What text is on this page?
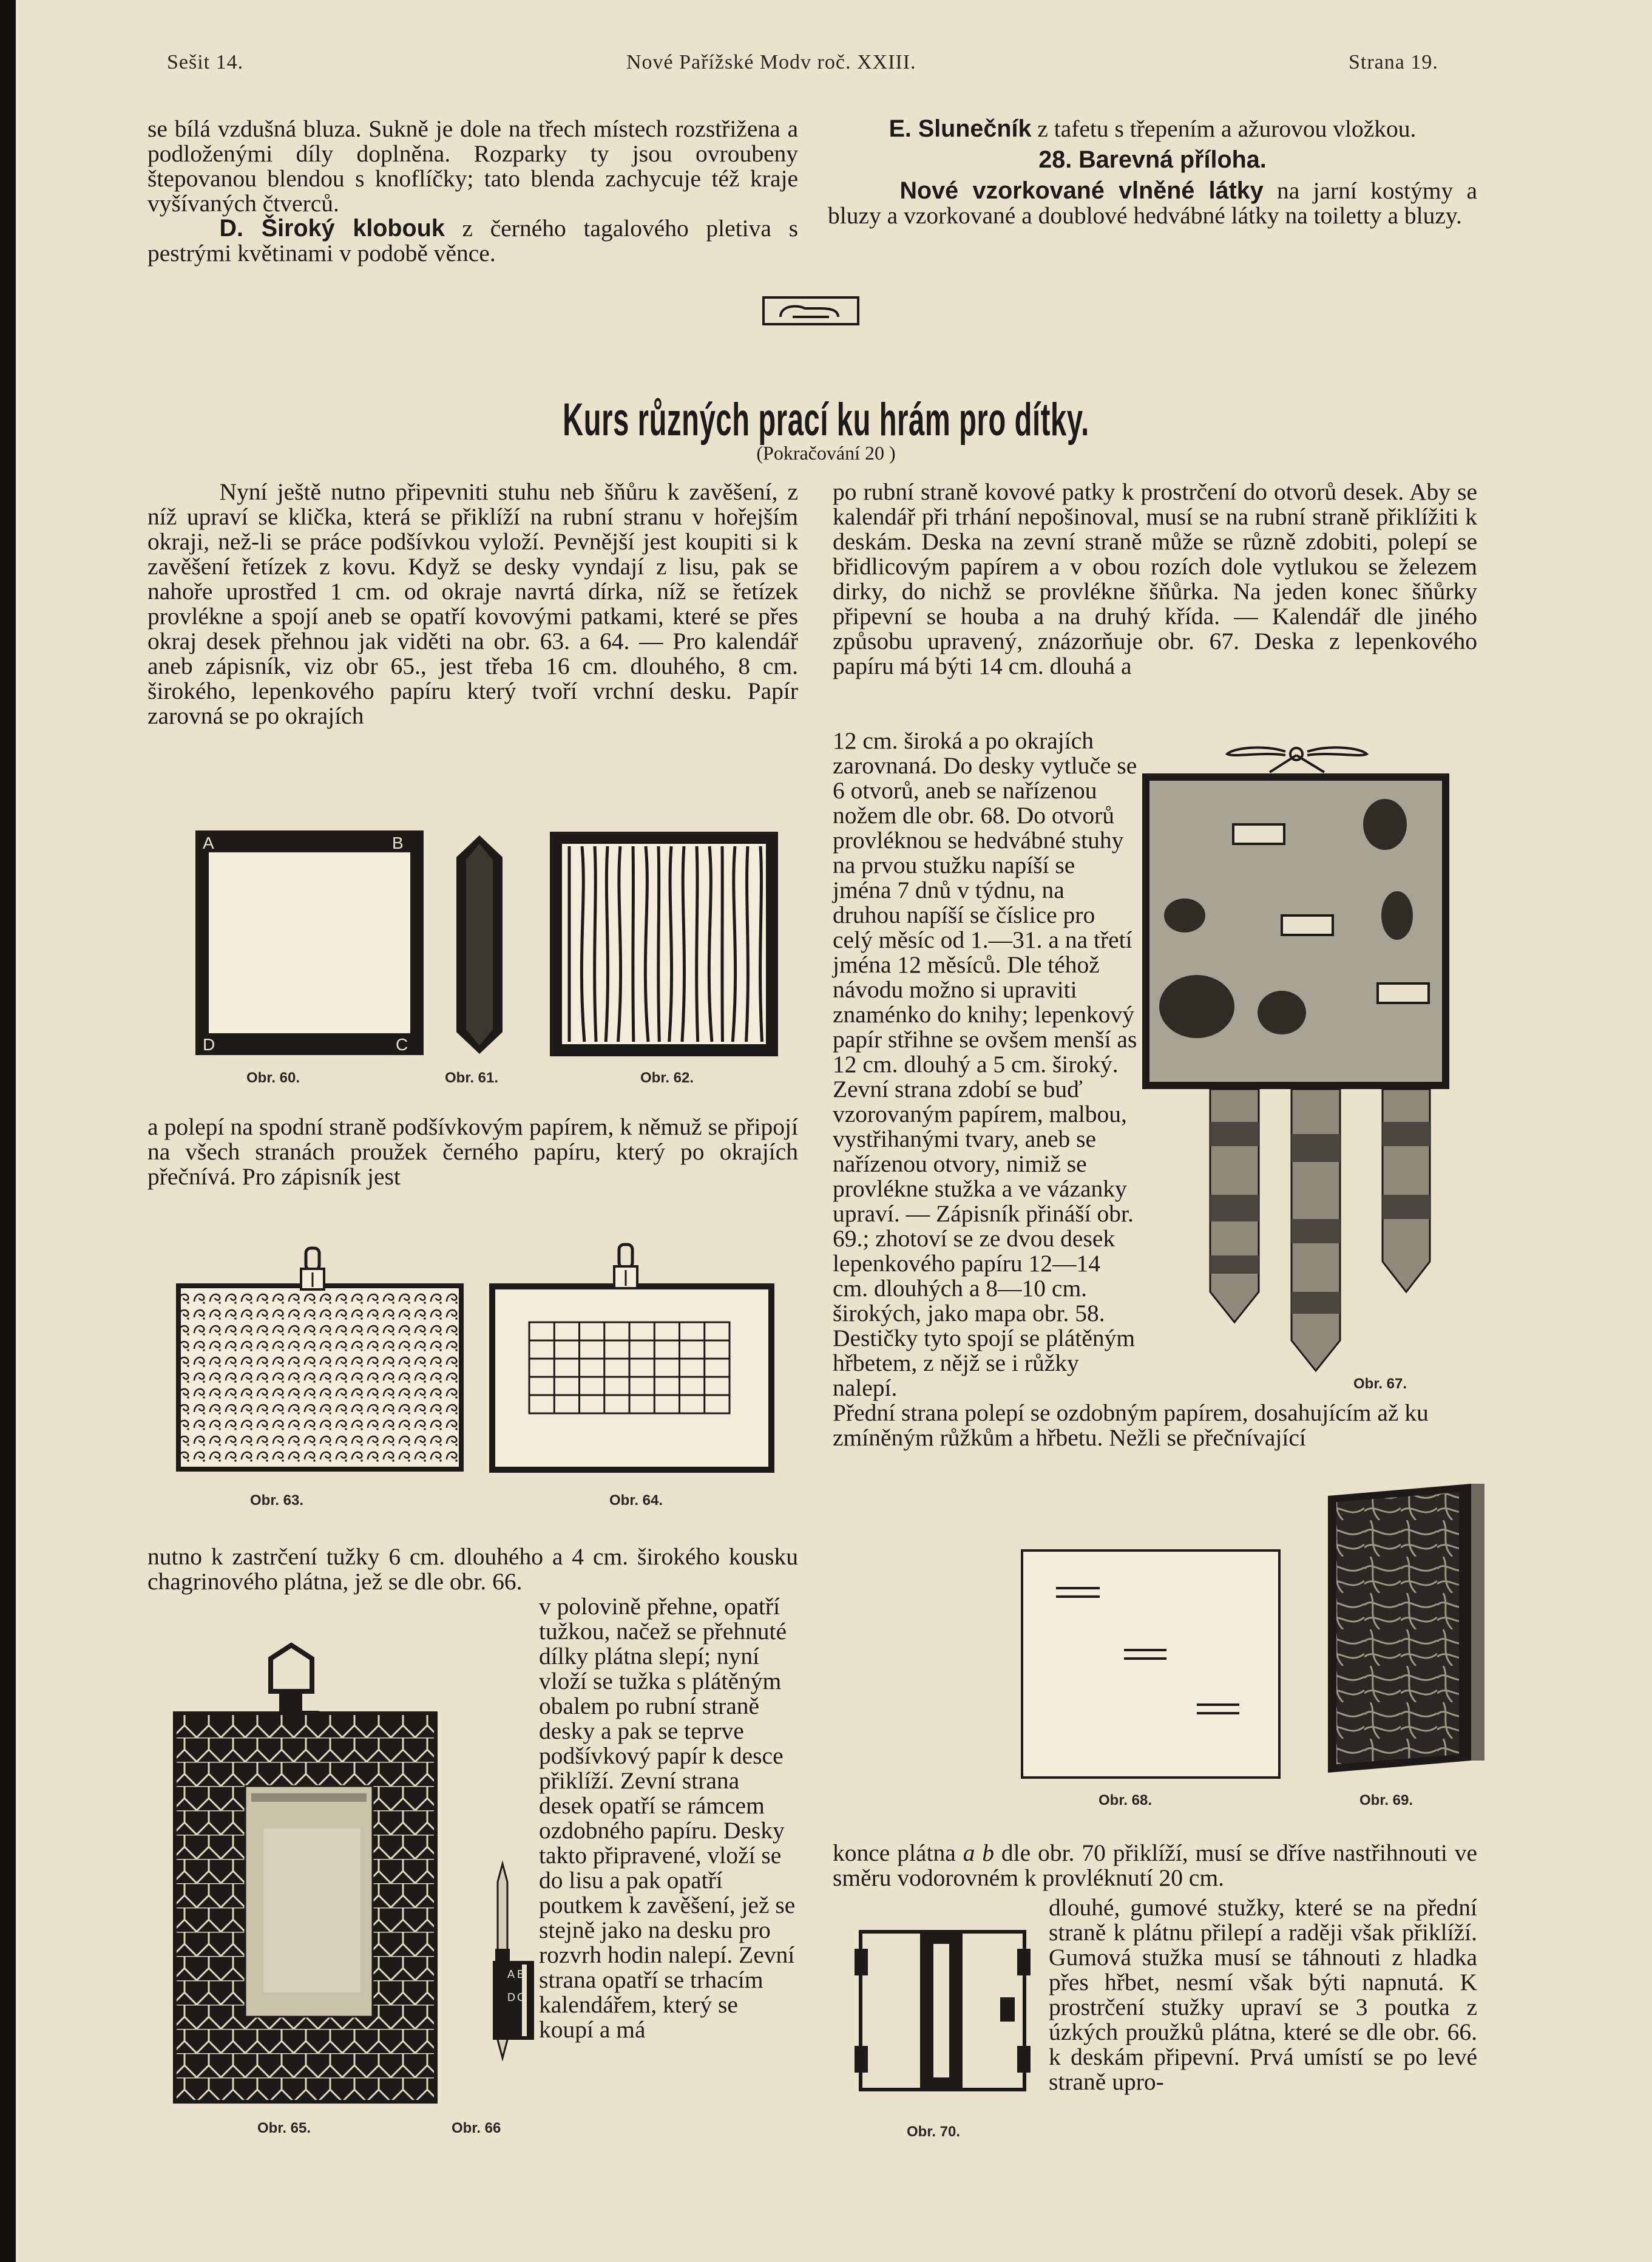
Sešit 14.	Nové Pařížské Modv roč. XXIII.	Strana 19.
se bílá vzdušná bluza. Sukně je dole na třech místech rozstřižena a podloženými díly doplněna. Rozparky ty jsou ovroubeny štepovanou blendou s knoflíčky; tato blenda zachycuje též kraje vyšívaných čtverců.
D. Široký klobouk z černého tagalového pletiva s pestrými květinami v podobě věnce.
E. Slunečník z tafetu s třepením a ažurovou vložkou.
28. Barevná příloha.
Nové vzorkované vlněné látky na jarní kostýmy a bluzy a vzorkované a doublové hedvábné látky na toiletty a bluzy.
Kurs různých prací ku hrám pro dítky.
(Pokračování 20 )

Nyní ještě nutno připevniti stuhu neb šňůru k zavěšení, z níž upraví se klička, která se přiklíží na rubní stranu v hořejším okraji, než-li se práce podšívkou vyloží. Pevnější jest koupiti si k zavěšení řetízek z kovu. Když se desky vyndají z lisu, pak se nahoře uprostřed 1 cm. od okraje navrtá dírka, níž se řetízek provlékne a spojí aneb se opatří kovovými patkami, které se přes okraj desek přehnou jak viděti na obr. 63. a 64. — Pro kalendář aneb zápisník, viz obr 65., jest třeba 16 cm. dlouhého, 8 cm. širokého, lepenkového papíru který tvoří vrchní desku. Papír zarovná se po okrajích

A	B
D	C
Obr. 60.	Obr. 61.	Obr. 62.
a polepí na spodní straně podšívkovým papírem, k němuž se připojí na všech stranách proužek černého papíru, který po okrajích přečnívá. Pro zápisník jest
Obr. 63.	Obr. 64.
nutno k zastrčení tužky 6 cm. dlouhého a 4 cm. širokého kousku chagrinového plátna, jež se dle obr. 66.
v polovině přehne, opatří tužkou, načež se přehnuté dílky plátna slepí; nyní vloží se tužka s plátěným obalem po rubní straně desky a pak se teprve podšívkový papír k desce přiklíží. Zevní strana desek opatří se rámcem ozdobného papíru. Desky takto připravené, vloží se do lisu a pak opatří poutkem k zavěšení, jež se stejně jako na desku pro rozvrh hodin nalepí. Zevní strana opatří se trhacím kalendářem, který se koupí a má
A B
D C
Obr. 65.	Obr. 66
po rubní straně kovové patky k prostrčení do otvorů desek. Aby se kalendář při trhání nepošinoval, musí se na rubní straně přiklížiti k deskám. Deska na zevní straně může se různě zdobiti, polepí se břidlicovým papírem a v obou rozích dole vytlukou se železem dirky, do nichž se provlékne šňůrka. Na jeden konec šňůrky připevní se houba a na druhý křída. — Kalendář dle jiného způsobu upravený, znázorňuje obr. 67. Deska z lepenkového papíru má býti 14 cm. dlouhá a
Obr. 67.
12 cm. široká a po okrajích zarovnaná. Do desky vytluče se 6 otvorů, aneb se nařízenou nožem dle obr. 68. Do otvorů provléknou se hedvábné stuhy na prvou stužku napíší se jména 7 dnů v týdnu, na druhou napíší se číslice pro celý měsíc od 1.—31. a na třetí jména 12 měsíců. Dle téhož návodu možno si upraviti znaménko do knihy; lepenkový papír střihne se ovšem menší as 12 cm. dlouhý a 5 cm. široký. Zevní strana zdobí se buď vzorovaným papírem, malbou, vystřihanými tvary, aneb se nařízenou otvory, nimiž se provlékne stužka a ve vázanky upraví. — Zápisník přináší obr. 69.; zhotoví se ze dvou desek lepenkového papíru 12—14 cm. dlouhých a 8—10 cm. širokých, jako mapa obr. 58. Destičky tyto spojí se plátěným hřbetem, z nějž se i růžky nalepí. Přední strana polepí se ozdobným papírem, dosahujícím až ku zmíněným růžkům a hřbetu. Nežli se přečnívající
Obr. 68.	Obr. 69.
konce plátna a b dle obr. 70 přiklíží, musí se dříve nastřihnouti ve směru vodorovném k provléknutí 20 cm.
Obr. 70.
dlouhé, gumové stužky, které se na přední straně k plátnu přilepí a raději však přiklíží. Gumová stužka musí se táhnouti z hladka přes hřbet, nesmí však býti napnutá. K prostrčení stužky upraví se 3 poutka z úzkých proužků plátna, které se dle obr. 66. k deskám připevní. Prvá umístí se po levé straně upro-
